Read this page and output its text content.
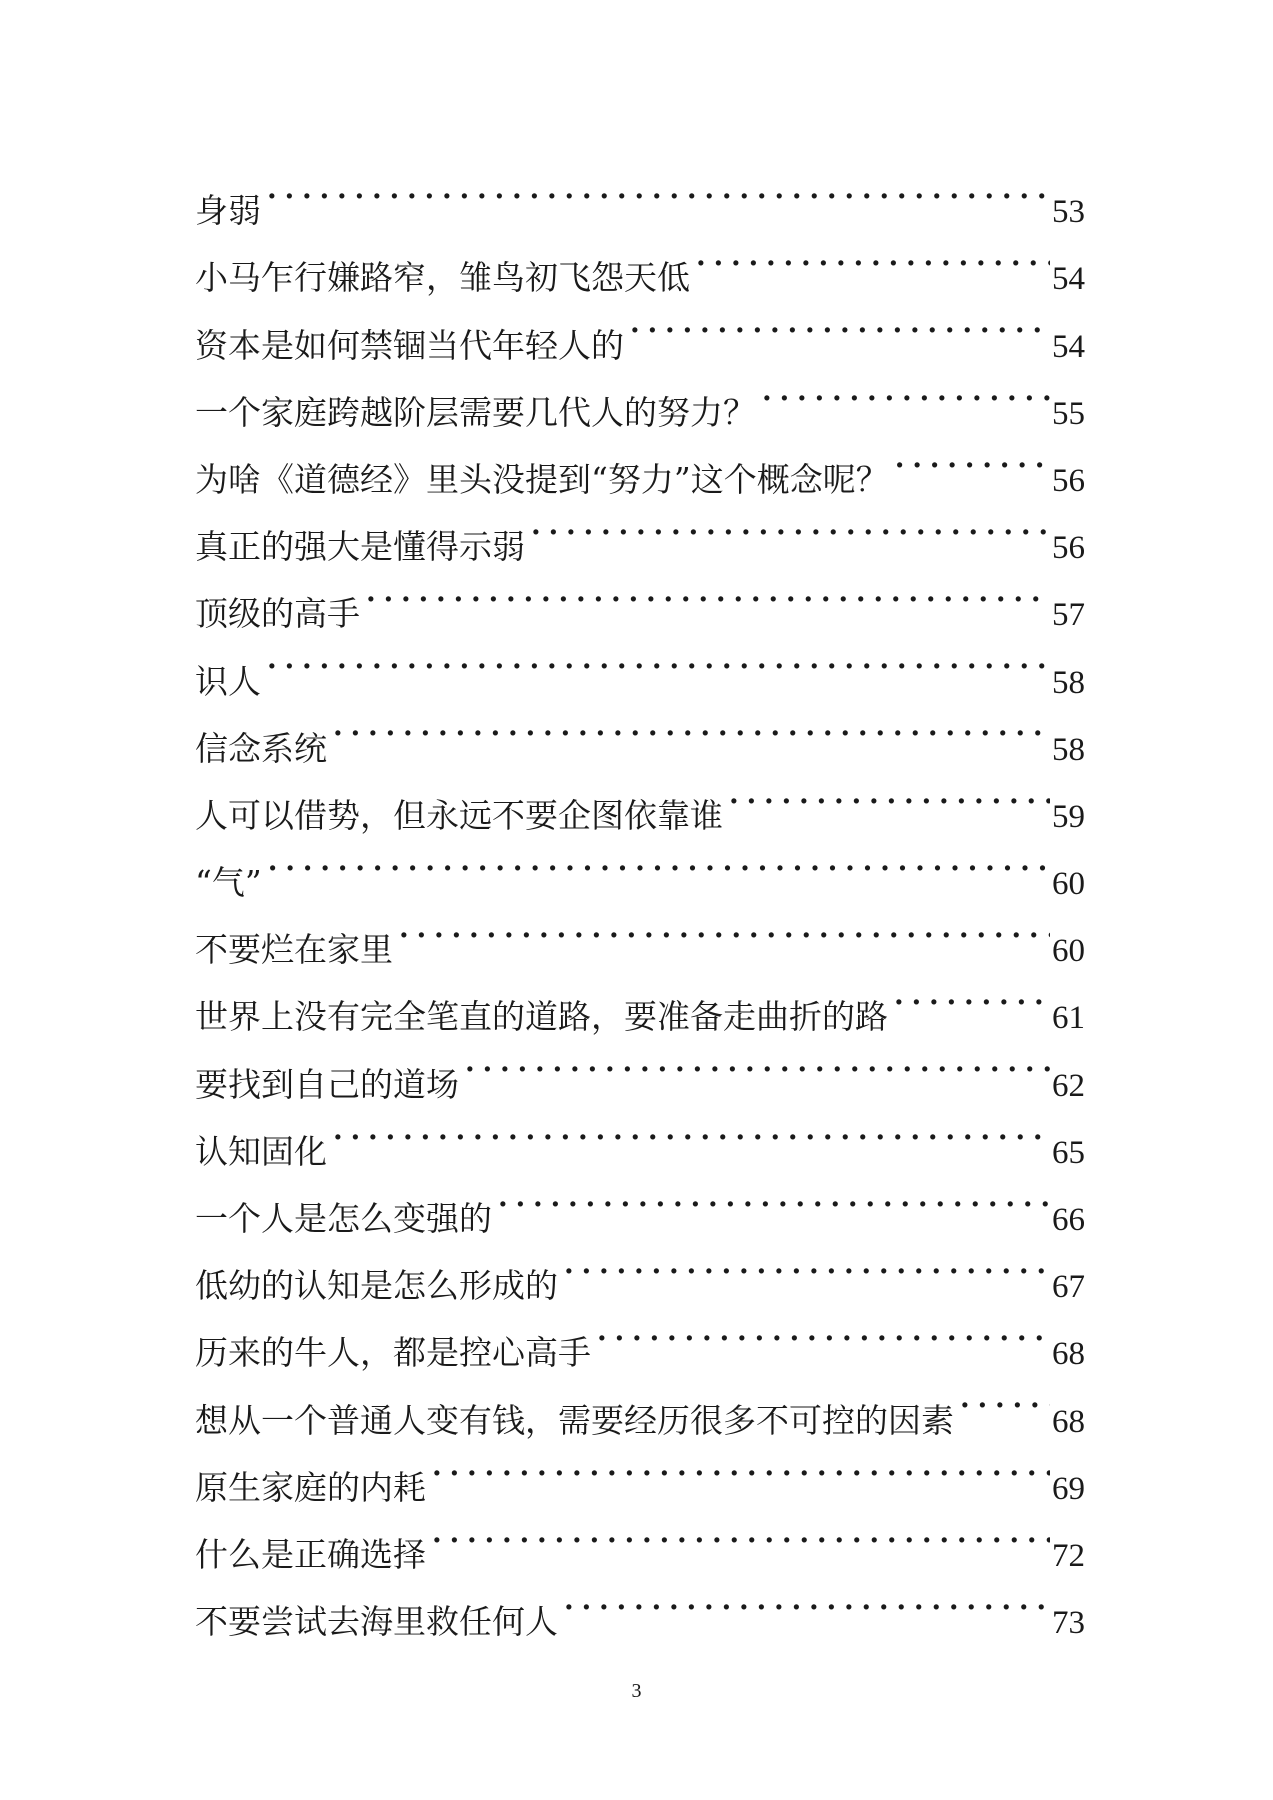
身弱 . . .	53
小马乍行嫌路窄，雏鸟初飞怨天低 . . .	54
资本是如何禁锢当代年轻人的 . . .	54
一个家庭跨越阶层需要几代人的努力？ . . .	55
为啥《道德经》里头没提到“努力”这个概念呢？ . . .	56
真正的强大是懂得示弱 . . .	56
顶级的高手 . . .	57
识人 . . .	58
信念系统 . . .	58
人可以借势，但永远不要企图依靠谁 . . .	59
“气” . . .	60
不要烂在家里 . . .	60
世界上没有完全笔直的道路，要准备走曲折的路 . . .	61
要找到自己的道场 . . .	62
认知固化 . . .	65
一个人是怎么变强的 . . .	66
低幼的认知是怎么形成的 . . .	67
历来的牛人，都是控心高手 . . .	68
想从一个普通人变有钱，需要经历很多不可控的因素 . . .	68
原生家庭的内耗 . . .	69
什么是正确选择 . . .	72
不要尝试去海里救任何人 . . .	73
3
